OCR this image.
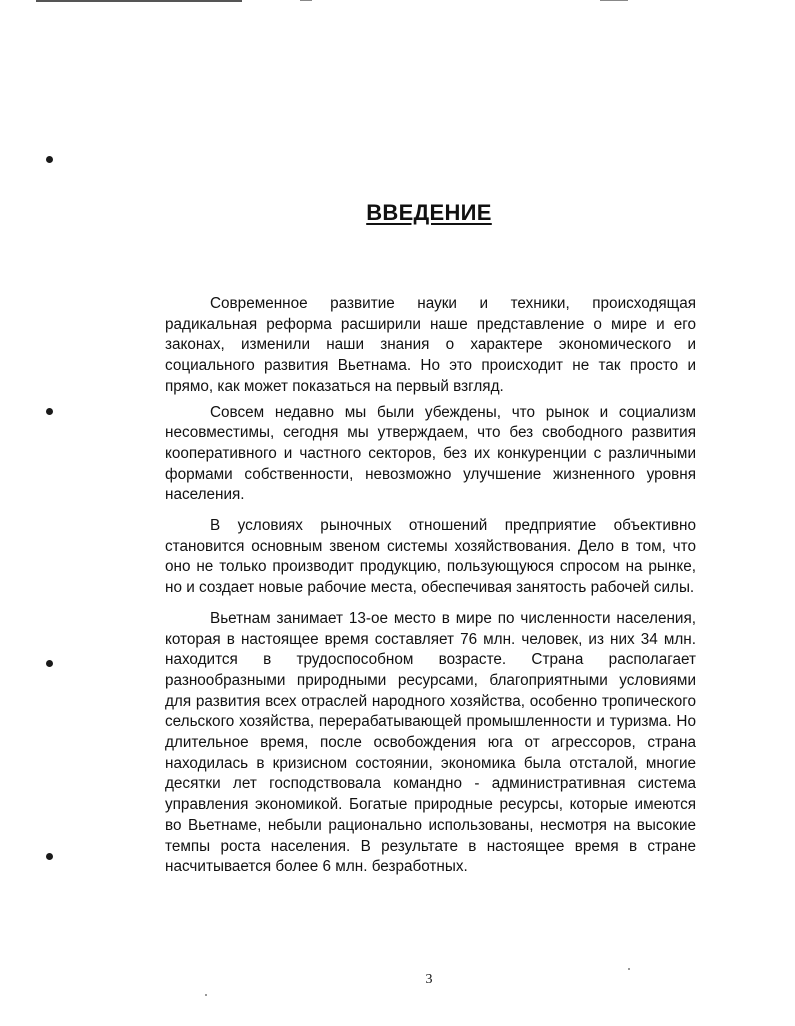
ВВЕДЕНИЕ

Современное развитие науки и техники, происходящая радикальная реформа расширили наше представление о мире и его законах, изменили наши знания о характере экономического и социального развития Вьетнама. Но это происходит не так просто и прямо, как может показаться на первый взгляд.

Совсем недавно мы были убеждены, что рынок и социализм несовместимы, сегодня мы утверждаем, что без свободного развития кооперативного и частного секторов, без их конкуренции с различными формами собственности, невозможно улучшение жизненного уровня населения.

В условиях рыночных отношений предприятие объективно становится основным звеном системы хозяйствования. Дело в том, что оно не только производит продукцию, пользующуюся спросом на рынке, но и создает новые рабочие места, обеспечивая занятость рабочей силы.

Вьетнам занимает 13-ое место в мире по численности населения, которая в настоящее время составляет 76 млн. человек, из них 34 млн. находится в трудоспособном возрасте. Страна располагает разнообразными природными ресурсами, благоприятными условиями для развития всех отраслей народного хозяйства, особенно тропического сельского хозяйства, перерабатывающей промышленности и туризма. Но длительное время, после освобождения юга от агрессоров, страна находилась в кризисном состоянии, экономика была отсталой, многие десятки лет господствовала командно - административная система управления экономикой. Богатые природные ресурсы, которые имеются во Вьетнаме, небыли рационально использованы, несмотря на высокие темпы роста населения. В результате в настоящее время в стране насчитывается более 6 млн. безработных.

3
